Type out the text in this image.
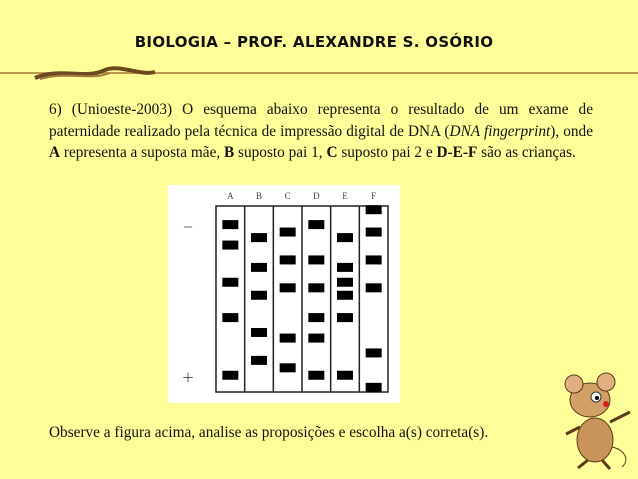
BIOLOGIA – PROF. ALEXANDRE S. OSÓRIO
6) (Unioeste-2003) O esquema abaixo representa o resultado de um exame de paternidade realizado pela técnica de impressão digital de DNA (DNA fingerprint), onde A representa a suposta mãe, B suposto pai 1, C suposto pai 2 e D-E-F são as crianças.
A B	C D	E	F
−
+
Observe a figura acima, analise as proposições e escolha a(s) correta(s).
